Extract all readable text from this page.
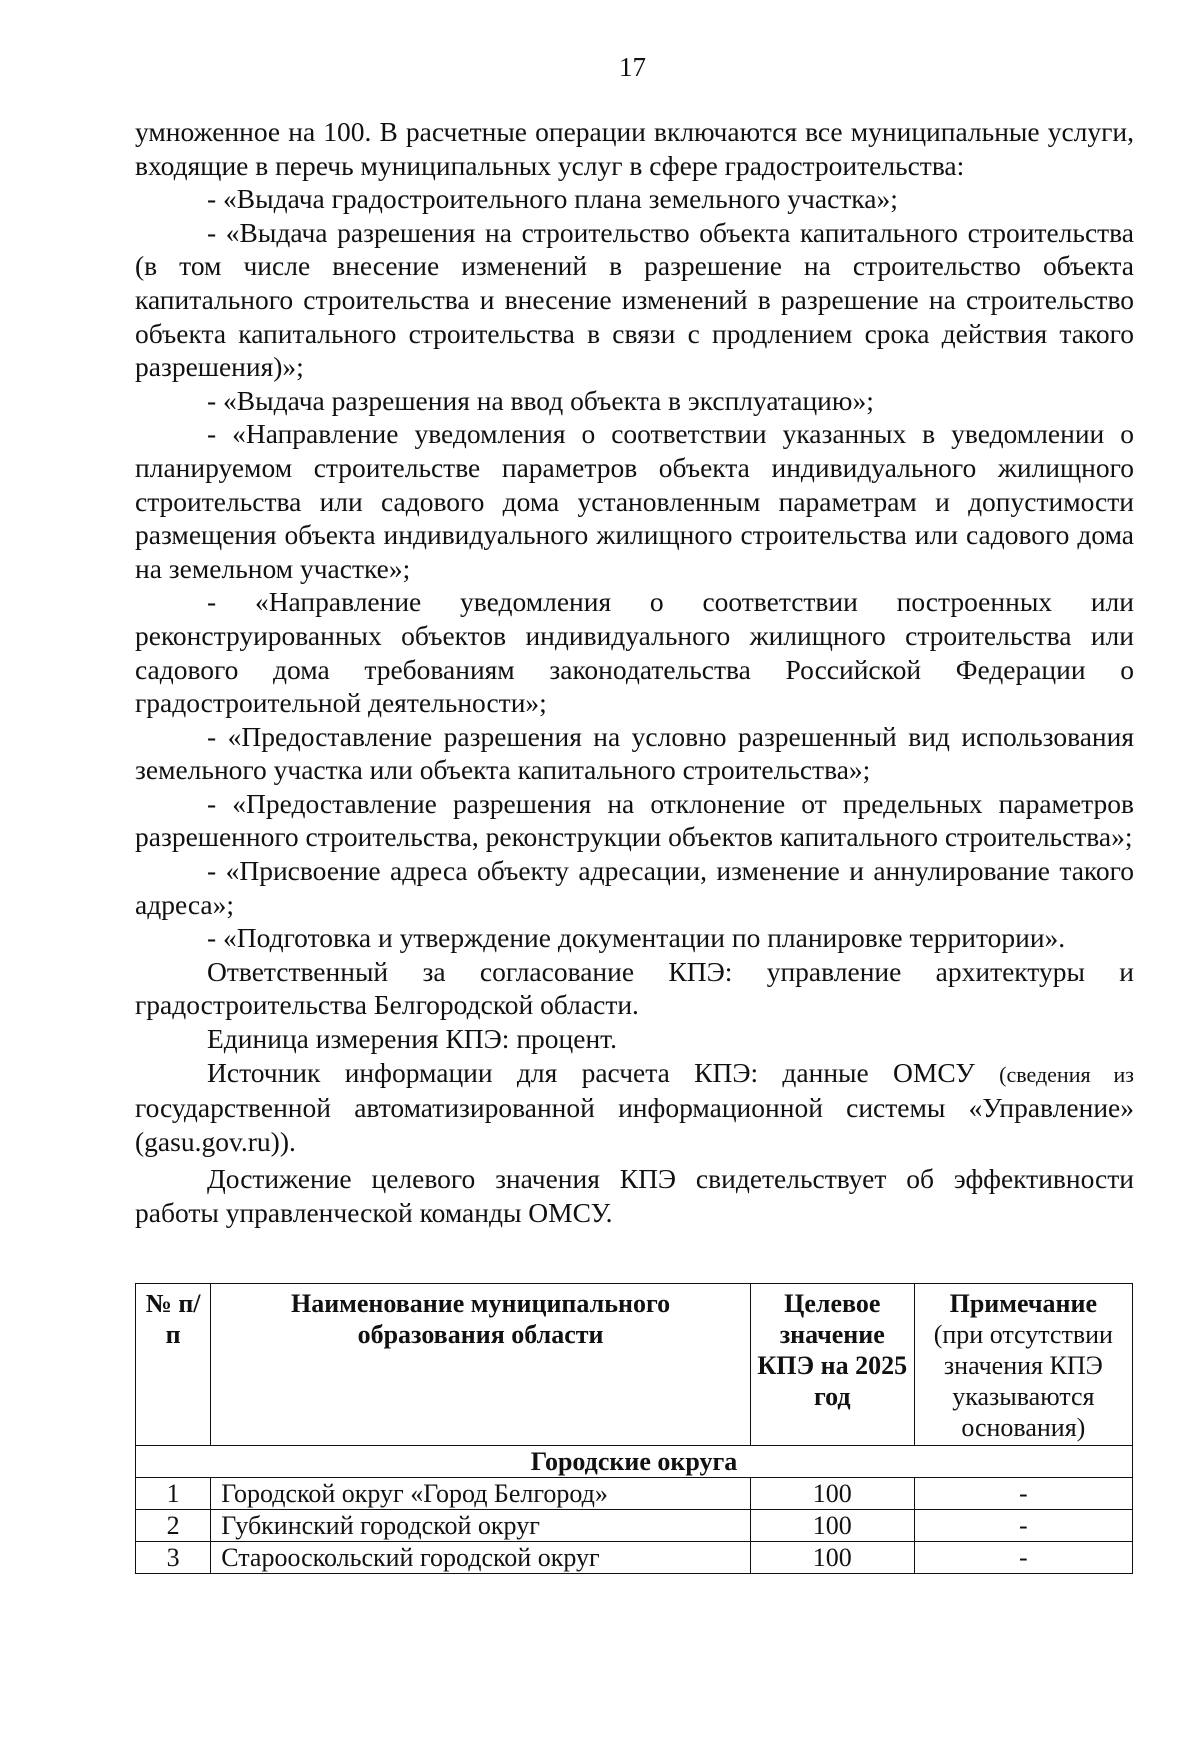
17

умноженное на 100. В расчетные операции включаются все муниципальные услуги, входящие в перечь муниципальных услуг в сфере градостроительства:

- «Выдача градостроительного плана земельного участка»;

- «Выдача разрешения на строительство объекта капитального строительства (в том числе внесение изменений в разрешение на строительство объекта капитального строительства и внесение изменений в разрешение на строительство объекта капитального строительства в связи с продлением срока действия такого разрешения)»;

- «Выдача разрешения на ввод объекта в эксплуатацию»;

- «Направление уведомления о соответствии указанных в уведомлении о планируемом строительстве параметров объекта индивидуального жилищного строительства или садового дома установленным параметрам и допустимости размещения объекта индивидуального жилищного строительства или садового дома на земельном участке»;

- «Направление уведомления о соответствии построенных или реконструированных объектов индивидуального жилищного строительства или садового дома требованиям законодательства Российской Федерации о градостроительной деятельности»;

- «Предоставление разрешения на условно разрешенный вид использования земельного участка или объекта капитального строительства»;

- «Предоставление разрешения на отклонение от предельных параметров разрешенного строительства, реконструкции объектов капитального строительства»;

- «Присвоение адреса объекту адресации, изменение и аннулирование такого адреса»;

- «Подготовка и утверждение документации по планировке территории».

Ответственный за согласование КПЭ: управление архитектуры и градостроительства Белгородской области.

Единица измерения КПЭ: процент.

Источник информации для расчета КПЭ: данные ОМСУ (сведения из государственной автоматизированной информационной системы «Управление» (gasu.gov.ru)).

Достижение целевого значения КПЭ свидетельствует об эффективности работы управленческой команды ОМСУ.

№ п/п	Наименование муниципального образования области	Целевое значение КПЭ на 2025 год	Примечание
(при отсутствии значения КПЭ указываются основания)

Городские округа			
1	Городской округ «Город Белгород»	100	-
2	Губкинский городской округ	100	-
3	Старооскольский городской округ	100	-
